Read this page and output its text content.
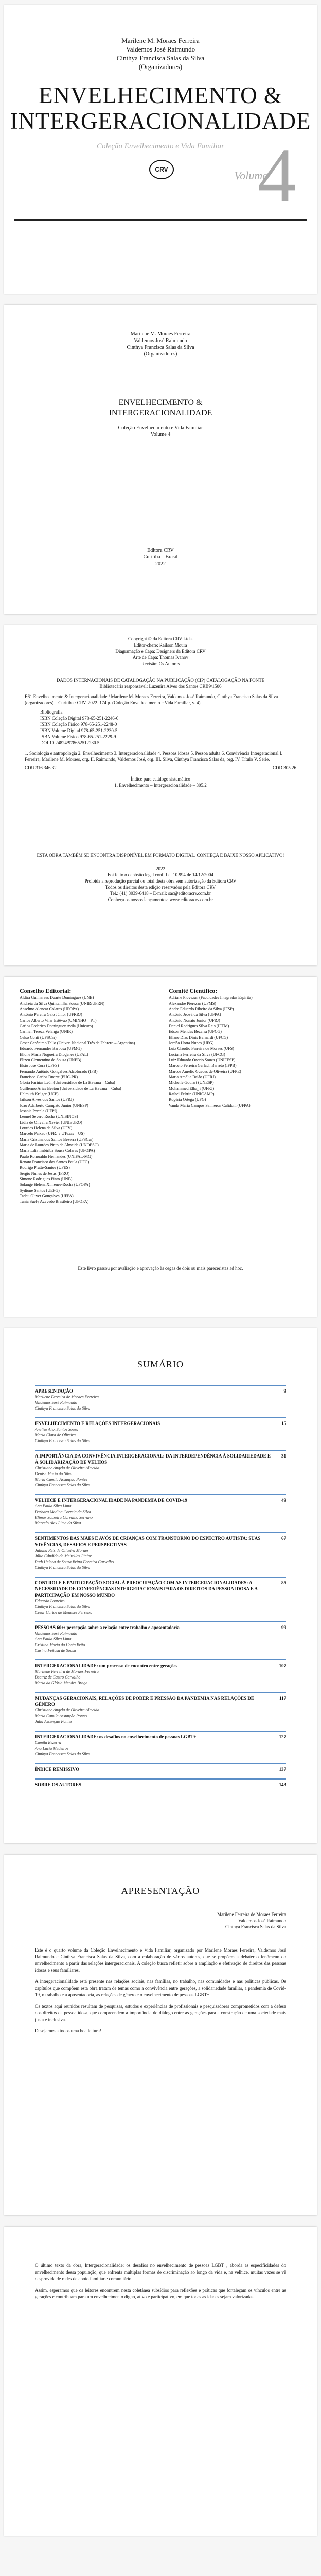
Marilene M. Moraes Ferreira
Valdemos José Raimundo
Cinthya Francisca Salas da Silva
(Organizadores)
ENVELHECIMENTO &
INTERGERACIONALIDADE
Coleção Envelhecimento e Vida Familiar
CRV	Volume
4
Marilene M. Moraes Ferreira
Valdemos José Raimundo
Cinthya Francisca Salas da Silva
(Organizadores)
ENVELHECIMENTO &
INTERGERACIONALIDADE
Coleção Envelhecimento e Vida Familiar
Volume 4
Editora CRV
Curitiba – Brasil
2022
Copyright © da Editora CRV Ltda.
Editor-chefe: Railson Moura
Diagramação e Capa: Designers da Editora CRV
Arte de Capa: Thomas Ivanov
Revisão: Os Autores
DADOS INTERNACIONAIS DE CATALOGAÇÃO NA PUBLICAÇÃO (CIP) CATALOGAÇÃO NA FONTE
Bibliotecária responsável: Luzenira Alves dos Santos CRB9/1506
E61 Envelhecimento & Intergeracionalidade / Marilene M. Moraes Ferreira, Valdemos José Raimundo, Cinthya Francisca Salas da Silva (organizadores) – Curitiba : CRV, 2022. 174 p. (Coleção Envelhecimento e Vida Familiar, v. 4)
Bibliografia
ISBN Coleção Digital 978-65-251-2246-6
ISBN Coleção Físico 978-65-251-2248-0
ISBN Volume Digital 978-65-251-2230-5
ISBN Volume Físico 978-65-251-2229-9
DOI 10.24824/978652512230.5
1. Sociologia e antropologia 2. Envelhecimento 3. Intergeracionalidade 4. Pessoas idosas 5. Pessoa adulta 6. Convivência Intergeracional I. Ferreira, Marilene M. Moraes, org. II. Raimundo, Valdemos José, org. III. Silva, Cinthya Francisca Salas da, org. IV. Título V. Série.
CDU 316.346.32	CDD 305.26
Índice para catálogo sistemático
1. Envelhecimento – Intergeracionalidade – 305.2
ESTA OBRA TAMBÉM SE ENCONTRA DISPONÍVEL EM FORMATO DIGITAL. CONHEÇA E BAIXE NOSSO APLICATIVO!
2022
Foi feito o depósito legal conf. Lei 10.994 de 14/12/2004
Proibida a reprodução parcial ou total desta obra sem autorização da Editora CRV
Todos os direitos desta edição reservados pela Editora CRV
Tel.: (41) 3039-6418 – E-mail: sac@editoracrv.com.br
Conheça os nossos lançamentos: www.editoracrv.com.br
Conselho Editorial:
Aldira Guimarães Duarte Domínguez (UNB)
Andréia da Silva Quintanilha Sousa (UNIR/UFRN)
Anselmo Alencar Colares (UFOPA)
Antônio Pereira Gaio Júnior (UFRRJ)
Carlos Alberto Vilar Estêvão (UMINHO – PT)
Carlos Federico Dominguez Avila (Unieuro)
Carmen Tereza Velanga (UNIR)
Celso Conti (UFSCar)
Cesar Gerônimo Tello (Univer. Nacional Três de Febrero – Argentina)
Eduardo Fernandes Barbosa (UFMG)
Elione Maria Nogueira Diogenes (UFAL)
Elizeu Clementino de Souza (UNEB)
Élsio José Corá (UFFS)
Fernando Antônio Gonçalves Alcoforado (IPB)
Francisco Carlos Duarte (PUC-PR)
Gloria Fariñas León (Universidade de La Havana – Cuba)
Guillermo Arias Beatón (Universidade de La Havana – Cuba)
Helmuth Krüger (UCP)
Jailson Alves dos Santos (UFRJ)
João Adalberto Campato Junior (UNESP)
Josania Portela (UFPI)
Leonel Severo Rocha (UNISINOS)
Lídia de Oliveira Xavier (UNIEURO)
Lourdes Helena da Silva (UFV)
Marcelo Paixão (UFRJ e UTexas – US)
Maria Cristina dos Santos Bezerra (UFSCar)
Maria de Lourdes Pinto de Almeida (UNOESC)
Maria Lília Imbiriba Sousa Colares (UFOPA)
Paulo Romualdo Hernandes (UNIFAL-MG)
Renato Francisco dos Santos Paula (UFG)
Rodrigo Pratte-Santos (UFES)
Sérgio Nunes de Jesus (IFRO)
Simone Rodrigues Pinto (UNB)
Solange Helena Ximenes-Rocha (UFOPA)
Sydione Santos (UEPG)
Tadeu Oliver Gonçalves (UFPA)
Tania Suely Azevedo Brasileiro (UFOPA)
Comitê Científico:
Adriane Piovezan (Faculdades Integradas Espírita)
Alexandre Pierezan (UFMS)
Andre Eduardo Ribeiro da Silva (IFSP)
Antônio Jeovà da Silva (UFPA)
Antônio Nonato Junior (UFRJ)
Daniel Rodrigues Silva Reis (IFTM)
Edson Mendes Bezerra (UFCG)
Eliane Dias Dinis Bernardi (UFCG)
Jordão Horta Nunes (UFG)
Luiz Cláudio Ferreira de Moraes (UFS)
Luciana Ferreira da Silva (UFCG)
Luiz Eduardo Ozorio Souza (UNIFESP)
Marcelo Ferreira Gerlach Barreto (IFPB)
Marcos Aurelio Guedes de Oliveira (UFPE)
Maria Amélia Baião (UFRJ)
Michelle Goulart (UNESP)
Mohammed Elhajji (UFRJ)
Rafael Feltrin (UNICAMP)
Rogéria Ortega (UFG)
Vanda Maria Campos Salmeron Calidoni (UFPA)
Este livro passou por avaliação e aprovação às cegas de dois ou mais pareceristas ad hoc.
SUMÁRIO
APRESENTAÇÃO	9
Marilene Ferreira de Moraes Ferreira
Valdemos José Raimundo
Cinthya Francisca Salas da Silva
ENVELHECIMENTO E RELAÇÕES INTERGERACIONAIS	15
Anelise Alex Santos Souza
Maria Clara de Oliveira
Cinthya Francisca Salas da Silva
A IMPORTÂNCIA DA CONVIVÊNCIA INTERGERACIONAL: DA INTERDEPENDÊNCIA À SOLIDARIEDADE E À SOLIDARIZAÇÃO DE VELHOS
31
Christiane Angela de Oliveira Almeida
Denise Maria da Silva
Maria Camila Assunção Pontes
Cinthya Francisca Salas da Silva
VELHICE E INTERGERACIONALIDADE NA PANDEMIA DE COVID-19	49
Ana Paula Silva Lima
Barbara Medina Correia da Silva
Elimar Sobreira Carvalho Serrano
Marcelo Alex Lima da Silva
SENTIMENTOS DAS MÃES E AVÓS DE CRIANÇAS COM TRANSTORNO DO ESPECTRO AUTISTA: SUAS VIVÊNCIAS, DESAFIOS E PERSPECTIVAS
67
Juliana Reis de Oliveira Moraes
Júlio Cândido de Meirelles Júnior
Ruth Helena de Souza Britto Ferreira Carvalho
Cinthya Francisca Salas da Silva
CONTROLE E PARTICIPAÇÃO SOCIAL À PREOCUPAÇÃO COM AS INTERGERACIONALIDADES: A NECESSIDADE DE CONFERÊNCIAS INTERGERACIONAIS PARA OS DIREITOS DA PESSOA IDOSA E A PARTICIPAÇÃO EM NOSSO MUNDO
85
Eduardo Loureiro
Cinthya Francisca Salas da Silva
César Carlos de Meneses Ferreira
PESSOAS 60+: percepção sobre a relação entre trabalho e aposentadoria	99
Valdemos José Raimundo
Ana Paula Silva Lima
Cristina Maria da Costa Brito
Carina Feitosa de Sousa
INTERGERACIONALIDADE: um processo de encontro entre gerações	107
Marilene Ferreira de Moraes Ferreira
Beatriz de Castro Carvalho
Maria da Glória Mendes Braga
MUDANÇAS GERACIONAIS, RELAÇÕES DE PODER E PRESSÃO DA PANDEMIA NAS RELAÇÕES DE GÊNERO
117
Christiane Angela de Oliveira Almeida
Maria Camila Assunção Pontes
Julia Assunção Pontes
INTERGERACIONALIDADE: os desafios no envelhecimento de pessoas LGBT+	127
Camila Bezerra
Ana Lucia Medeiros
Cinthya Francisca Salas da Silva
ÍNDICE REMISSIVO	137
SOBRE OS AUTORES	143
APRESENTAÇÃO
Marilene Ferreira de Moraes Ferreira
Valdemos José Raimundo
Cinthya Francisca Salas da Silva

Este é o quarto volume da Coleção Envelhecimento e Vida Familiar, organizado por Marilene Moraes Ferreira, Valdemos José Raimundo e Cinthya Francisca Salas da Silva, com a colaboração de vários autores, que se propõem a debater o fenômeno do envelhecimento a partir das relações intergeracionais. A coleção busca refletir sobre a ampliação e efetivação de direitos das pessoas idosas e seus familiares.

A intergeracionalidade está presente nas relações sociais, nas famílias, no trabalho, nas comunidades e nas políticas públicas. Os capítulos que compõem esta obra tratam de temas como a convivência entre gerações, a solidariedade familiar, a pandemia de Covid-19, o trabalho e a aposentadoria, as relações de gênero e o envelhecimento de pessoas LGBT+.

Os textos aqui reunidos resultam de pesquisas, estudos e experiências de profissionais e pesquisadores comprometidos com a defesa dos direitos da pessoa idosa, que compreendem a importância do diálogo entre as gerações para a construção de uma sociedade mais justa e inclusiva.

Desejamos a todos uma boa leitura!

O último texto da obra, Intergeracionalidade: os desafios no envelhecimento de pessoas LGBT+, aborda as especificidades do envelhecimento dessa população, que enfrenta múltiplas formas de discriminação ao longo da vida e, na velhice, muitas vezes se vê desprovida de redes de apoio familiar e comunitário.

Assim, esperamos que os leitores encontrem nesta coletânea subsídios para reflexões e práticas que fortaleçam os vínculos entre as gerações e contribuam para um envelhecimento digno, ativo e participativo, em que todas as idades sejam valorizadas.
